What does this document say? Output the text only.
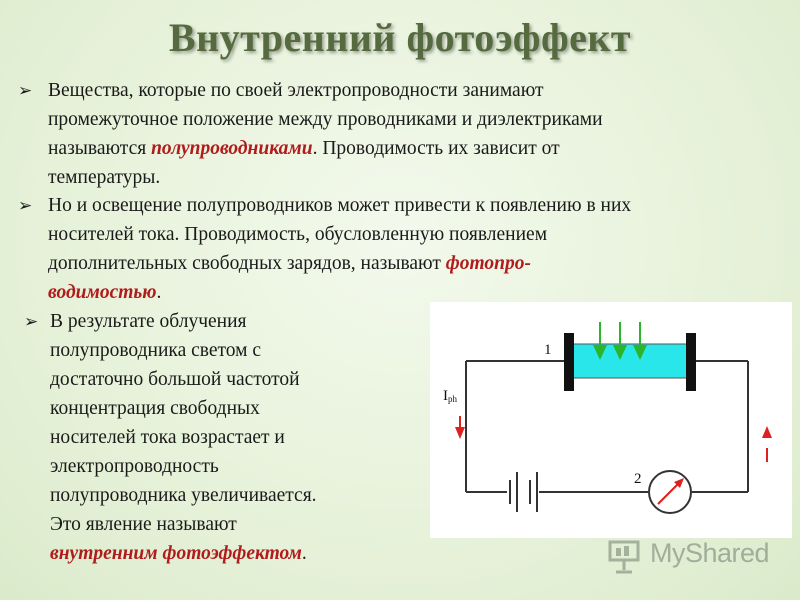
Внутренний фотоэффект
➢ Вещества, которые по своей электропроводности занимают
промежуточное положение между проводниками и диэлектриками
называются полупроводниками. Проводимость их зависит от
температуры.
➢ Но и освещение полупроводников может привести к появлению в них
носителей тока. Проводимость, обусловленную появлением
дополнительных свободных зарядов, называют фотопро-
водимостью.
➢ В результате облучения
полупроводника светом с
достаточно большой частотой
концентрация свободных
носителей тока возрастает и
электропроводность
полупроводника увеличивается.
Это явление называют
внутренним фотоэффектом.
1
2
Iph
MyShared
